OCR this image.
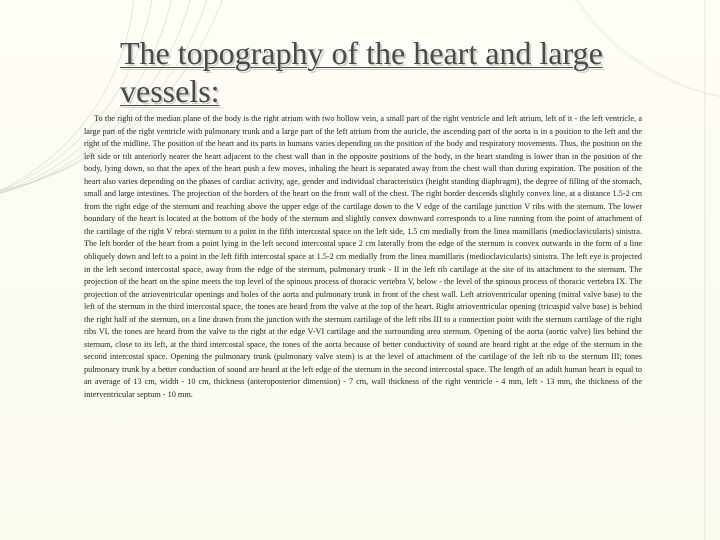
The topography of the heart and large vessels:

To the right of the median plane of the body is the right atrium with two hollow vein, a small part of the right ventricle and left atrium, left of it - the left ventricle, a large part of the right ventricle with pulmonary trunk and a large part of the left atrium from the auricle, the ascending part of the aorta is in a position to the left and the right of the midline. The position of the heart and its parts in humans varies depending on the position of the body and respiratory movements. Thus, the position on the left side or tilt anteriorly nearer the heart adjacent to the chest wall than in the opposite positions of the body, in the heart standing is lower than in the position of the body, lying down, so that the apex of the heart push a few moves, inhaling the heart is separated away from the chest wall than during expiration. The position of the heart also varies depending on the phases of cardiac activity, age, gender and individual characteristics (height standing diaphragm), the degree of filling of the stomach, small and large intestines. The projection of the borders of the heart on the front wall of the chest. The right border descends slightly convex line, at a distance 1.5-2 cm from the right edge of the sternum and reaching above the upper edge of the cartilage down to the V edge of the cartilage junction V ribs with the sternum. The lower boundary of the heart is located at the bottom of the body of the sternum and slightly convex downward corresponds to a line running from the point of attachment of the cartilage of the right V rebra\ sternum to a point in the fifth intercostal space on the left side, 1.5 cm medially from the linea mamillaris (medioclavicularis) sinistra. The left border of the heart from a point lying in the left second intercostal space 2 cm laterally from the edge of the sternum is convex outwards in the form of a line obliquely down and left to a point in the left fifth intercostal space at 1.5-2 cm medially from the linea mamillaris (medioclavicularis) sinistra. The left eye is projected in the left second intercostal space, away from the edge of the sternum, pulmonary trunk - II in the left rib cartilage at the site of its attachment to the sternum. The projection of the heart on the spine meets the top level of the spinous process of thoracic vertebra V, below - the level of the spinous process of thoracic vertebra IX. The projection of the atrioventricular openings and holes of the aorta and pulmonary trunk in front of the chest wall. Left atrioventricular opening (mitral valve base) to the left of the sternum in the third intercostal space, the tones are heard from the valve at the top of the heart. Right atrioventricular opening (tricuspid valve base) is behind the right half of the sternum, on a line drawn from the junction with the sternum cartilage of the left ribs III to a connection point with the sternum cartilage of the right ribs VI, the tones are heard from the valve to the right at the edge V-VI cartilage and the surrounding area sternum. Opening of the aorta (aortic valve) lies behind the sternum, close to its left, at the third intercostal space, the tones of the aorta because of better conductivity of sound are heard right at the edge of the sternum in the second intercostal space. Opening the pulmonary trunk (pulmonary valve stem) is at the level of attachment of the cartilage of the left rib to the sternum III; tones pulmonary trunk by a better conduction of sound are heard at the left edge of the sternum in the second intercostal space. The length of an adult human heart is equal to an average of 13 cm, width - 10 cm, thickness (anteroposterior dimension) - 7 cm, wall thickness of the right ventricle - 4 mm, left - 13 mm, the thickness of the interventricular septum - 10 mm.
